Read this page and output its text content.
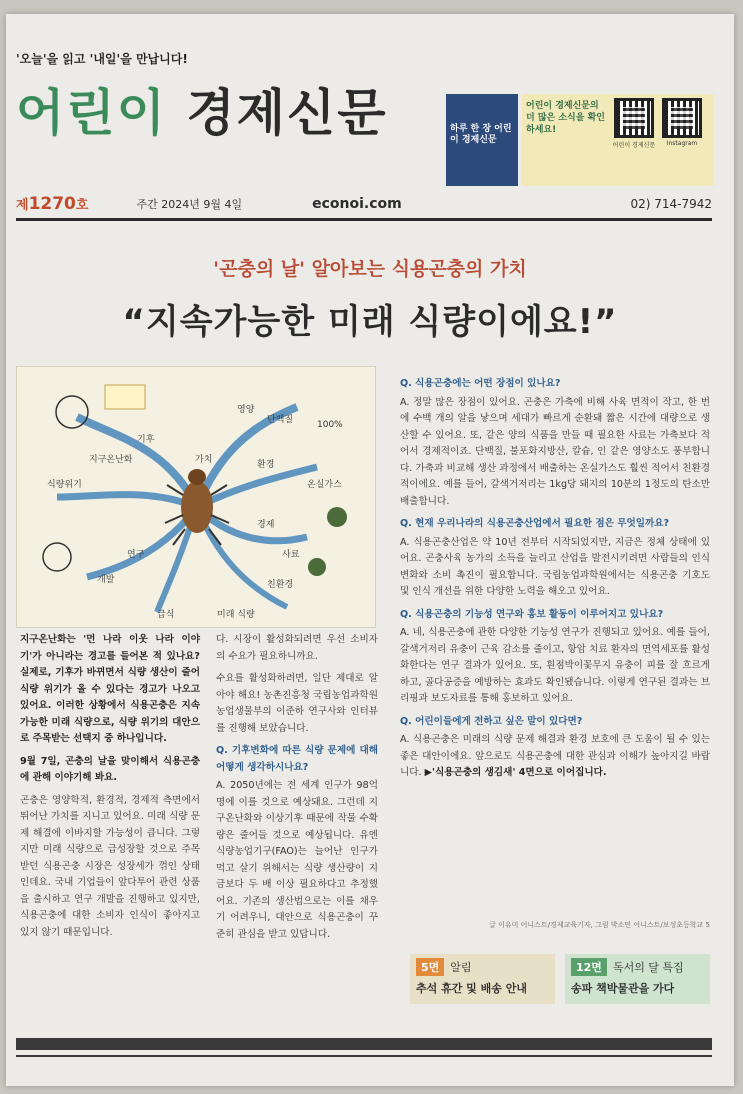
'오늘'을 읽고 '내일'을 만납니다!
어린이 경제신문	하루 한 장 어린이 경제신문
어린이 경제신문의 더 많은 소식을 확인하세요!
어린이 경제신문 Instagram
제1270호	주간 2024년 9월 4일	econoi.com	02) 714-7942
'곤충의 날' 알아보는 식용곤충의 가치
“지속가능한 미래 식량이에요!”
가치
영양
단백질	100%
환경
온실가스
경제
사료
친환경
기후
지구온난화
식량위기
연구
개발
급식	미래 식량

지구온난화는 '먼 나라 이웃 나라 이야기'가 아니라는 경고를 들어본 적 있나요? 실제로, 기후가 바뀌면서 식량 생산이 줄어 식량 위기가 올 수 있다는 경고가 나오고 있어요. 이러한 상황에서 식용곤충은 지속가능한 미래 식량으로, 식량 위기의 대안으로 주목받는 선택지 중 하나입니다.

9월 7일, 곤충의 날을 맞이해서 식용곤충에 관해 이야기해 봐요.

곤충은 영양학적, 환경적, 경제적 측면에서 뛰어난 가치를 지니고 있어요. 미래 식량 문제 해결에 이바지할 가능성이 큽니다. 그렇지만 미래 식량으로 급성장할 것으로 주목받던 식용곤충 시장은 성장세가 꺾인 상태인데요. 국내 기업들이 앞다투어 관련 상품을 출시하고 연구 개발을 진행하고 있지만, 식용곤충에 대한 소비자 인식이 좋아지고 있지 않기 때문입니다.

다. 시장이 활성화되려면 우선 소비자의 수요가 필요하니까요.

수요를 활성화하려면, 일단 제대로 알아야 해요! 농촌진흥청 국립농업과학원 농업생물부의 이준하 연구사와 인터뷰를 진행해 보았습니다.

Q. 기후변화에 따른 식량 문제에 대해 어떻게 생각하시나요?

A. 2050년에는 전 세계 인구가 98억 명에 이를 것으로 예상돼요. 그런데 지구온난화와 이상기후 때문에 작물 수확량은 줄어들 것으로 예상됩니다. 유엔식량농업기구(FAO)는 늘어난 인구가 먹고 살기 위해서는 식량 생산량이 지금보다 두 배 이상 필요하다고 추정했어요. 기존의 생산법으로는 이를 채우기 어려우니, 대안으로 식용곤충이 꾸준히 관심을 받고 있답니다.

Q. 식용곤충에는 어떤 장점이 있나요?

A. 정말 많은 장점이 있어요. 곤충은 가축에 비해 사육 면적이 작고, 한 번에 수백 개의 알을 낳으며 세대가 빠르게 순환돼 짧은 시간에 대량으로 생산할 수 있어요. 또, 같은 양의 식품을 만들 때 필요한 사료는 가축보다 적어서 경제적이죠. 단백질, 불포화지방산, 칼슘, 인 같은 영양소도 풍부합니다. 가축과 비교해 생산 과정에서 배출하는 온실가스도 훨씬 적어서 친환경적이에요. 예를 들어, 갈색거저리는 1kg당 돼지의 10분의 1정도의 탄소만 배출합니다.

Q. 현재 우리나라의 식용곤충산업에서 필요한 점은 무엇일까요?

A. 식용곤충산업은 약 10년 전부터 시작되었지만, 지금은 정체 상태에 있어요. 곤충사육 농가의 소득을 늘리고 산업을 발전시키려면 사람들의 인식 변화와 소비 촉진이 필요합니다. 국립농업과학원에서는 식용곤충 기호도 및 인식 개선을 위한 다양한 노력을 해오고 있어요.

Q. 식용곤충의 기능성 연구와 홍보 활동이 이루어지고 있나요?

A. 네, 식용곤충에 관한 다양한 기능성 연구가 진행되고 있어요. 예를 들어, 갈색거저리 유충이 근육 감소를 줄이고, 항암 치료 환자의 면역세포를 활성화한다는 연구 결과가 있어요. 또, 흰점박이꽃무지 유충이 피를 잘 흐르게 하고, 골다공증을 예방하는 효과도 확인됐습니다. 이렇게 연구된 결과는 브리핑과 보도자료를 통해 홍보하고 있어요.

Q. 어린이들에게 전하고 싶은 말이 있다면?

A. 식용곤충은 미래의 식량 문제 해결과 환경 보호에 큰 도움이 될 수 있는 좋은 대안이에요. 앞으로도 식용곤충에 대한 관심과 이해가 높아지길 바랍니다. ▶'식용곤충의 생김새' 4면으로 이어집니다.

글 이유미 어니스트/경제교육기자, 그림 박소민 어니스트/보성초등학교 5
5면	알림
추석 휴간 및 배송 안내
12면	독서의 달 특집
송파 책박물관을 가다
